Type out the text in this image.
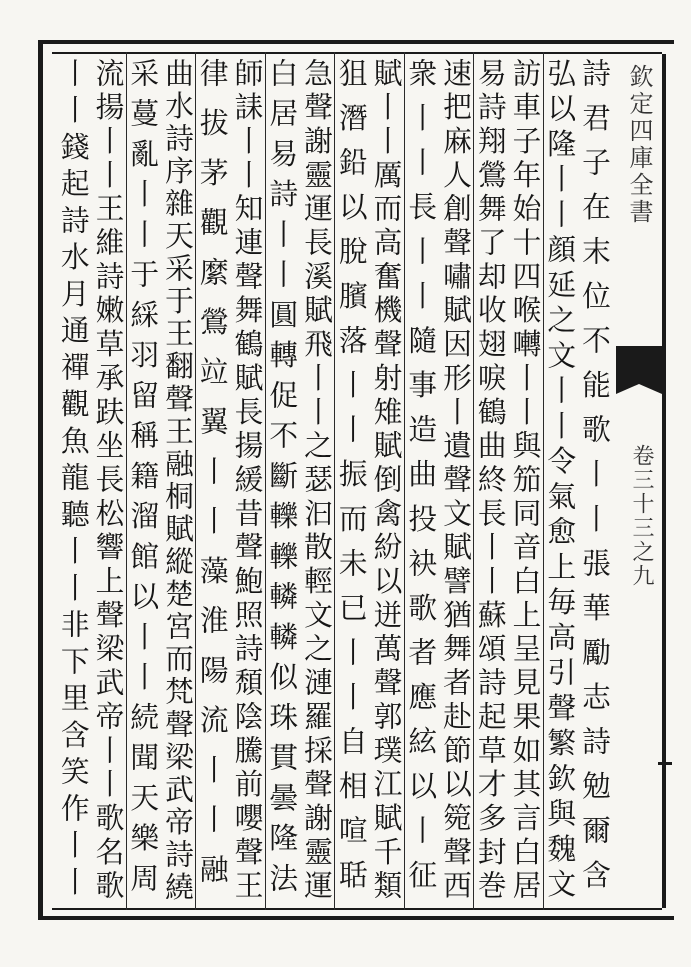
欽定四庫全書
卷三十三之九
詩君子在末位不能歌丨丨張華勵志詩勉爾含
弘以隆丨丨顔延之文丨丨令氣愈上毎高引聲繁欽與魏文
訪車子年始十四喉囀丨丨與笳同音白上呈見果如其言白居
易詩翔鶯舞了却收翅唳鶴曲終長丨丨蘇頌詩起草才多封巻
速把麻人創聲嘯賦因形丨遺聲文賦譬猶舞者赴節以箢聲西
衆丨丨長丨丨隨事造曲投袂歌者應絃以丨征
賦丨丨厲而高奮機聲射雉賦倒禽紛以迸萬聲郭璞江賦千類
狙潛鉛以脫臏落丨丨振而未已丨丨自相喧聒
急聲謝靈運長溪賦飛丨丨之瑟汩散輕文之漣羅採聲謝靈運
白居易詩丨丨圓轉促不斷轢轢轔轔似珠貫曇隆法
師誄丨丨知連聲舞鶴賦長揚緩昔聲鮑照詩頹陰騰前嚶聲王
律拔茅觀縻鶯竝翼丨丨藻淮陽流丨丨融
曲水詩序雜天采于王翻聲王融桐賦縱楚宮而梵聲梁武帝詩繞
采蔓亂丨丨于綵羽留稱籍溜館以丨丨続聞天樂周
流揚丨丨王維詩嫩草承趺坐長松響上聲梁武帝丨丨歌名歌
丨丨錢起詩水月通禪觀魚龍聽丨丨非下里含笑作丨丨
